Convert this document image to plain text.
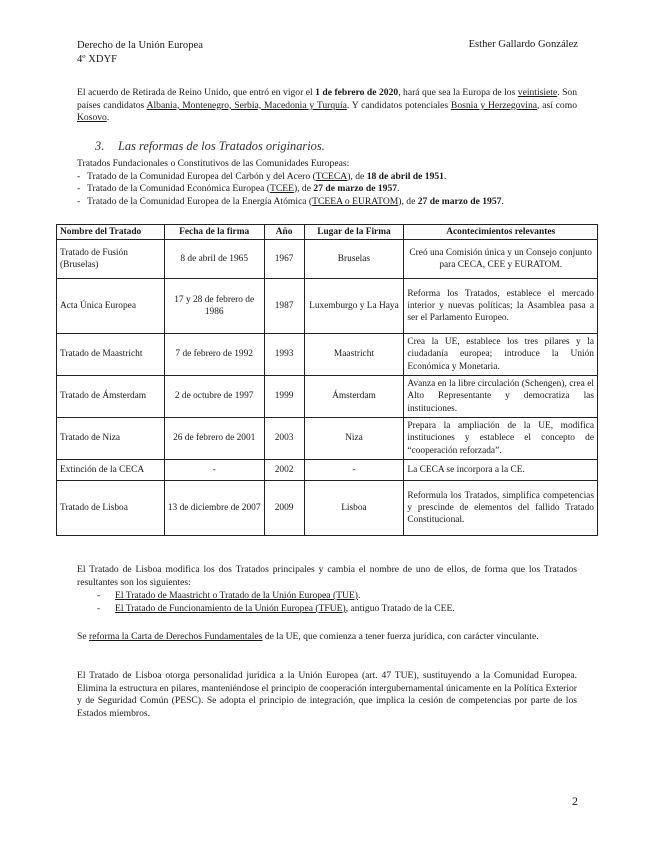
Derecho de la Unión Europea
4º XDYF
Esther Gallardo González
El acuerdo de Retirada de Reino Unido, que entró en vigor el 1 de febrero de 2020, hará que sea la Europa de los veintisiete. Son países candidatos Albania, Montenegro, Serbia, Macedonia y Turquía. Y candidatos potenciales Bosnia y Herzegovina, así como Kosovo.
3. Las reformas de los Tratados originarios.
Tratados Fundacionales o Constitutivos de las Comunidades Europeas:
- Tratado de la Comunidad Europea del Carbón y del Acero (TCECA), de 18 de abril de 1951.
- Tratado de la Comunidad Económica Europea (TCEE), de 27 de marzo de 1957.
- Tratado de la Comunidad Europea de la Energía Atómica (TCEEA o EURATOM), de 27 de marzo de 1957.
Nombre del Tratado	Fecha de la firma	Año	Lugar de la Firma	Acontecimientos relevantes
Tratado de Fusión (Bruselas)	8 de abril de 1965	1967	Bruselas	Creó una Comisión única y un Consejo conjunto para CECA, CEE y EURATOM.
Acta Única Europea	17 y 28 de febrero de 1986	1987	Luxemburgo y La Haya	Reforma los Tratados, establece el mercado interior y nuevas políticas; la Asamblea pasa a ser el Parlamento Europeo.
Tratado de Maastricht	7 de febrero de 1992	1993	Maastricht	Crea la UE, establece los tres pilares y la ciudadanía europea; introduce la Unión Económica y Monetaria.
Tratado de Ámsterdam	2 de octubre de 1997	1999	Ámsterdam	Avanza en la libre circulación (Schengen), crea el Alto Representante y democratiza las instituciones.
Tratado de Niza	26 de febrero de 2001	2003	Niza	Prepara la ampliación de la UE, modifica instituciones y establece el concepto de “cooperación reforzada”.
Extinción de la CECA	-	2002	-	La CECA se incorpora a la CE.
Tratado de Lisboa	13 de diciembre de 2007	2009	Lisboa	Reformula los Tratados, simplifica competencias y prescinde de elementos del fallido Tratado Constitucional.
El Tratado de Lisboa modifica los dos Tratados principales y cambia el nombre de uno de ellos, de forma que los Tratados resultantes son los siguientes:
- El Tratado de Maastricht o Tratado de la Unión Europea (TUE).
- El Tratado de Funcionamiento de la Unión Europea (TFUE), antiguo Tratado de la CEE.
Se reforma la Carta de Derechos Fundamentales de la UE, que comienza a tener fuerza jurídica, con carácter vinculante.
El Tratado de Lisboa otorga personalidad jurídica a la Unión Europea (art. 47 TUE), sustituyendo a la Comunidad Europea. Elimina la estructura en pilares, manteniéndose el principio de cooperación intergubernamental únicamente en la Política Exterior y de Seguridad Común (PESC). Se adopta el principio de integración, que implica la cesión de competencias por parte de los Estados miembros.
2
